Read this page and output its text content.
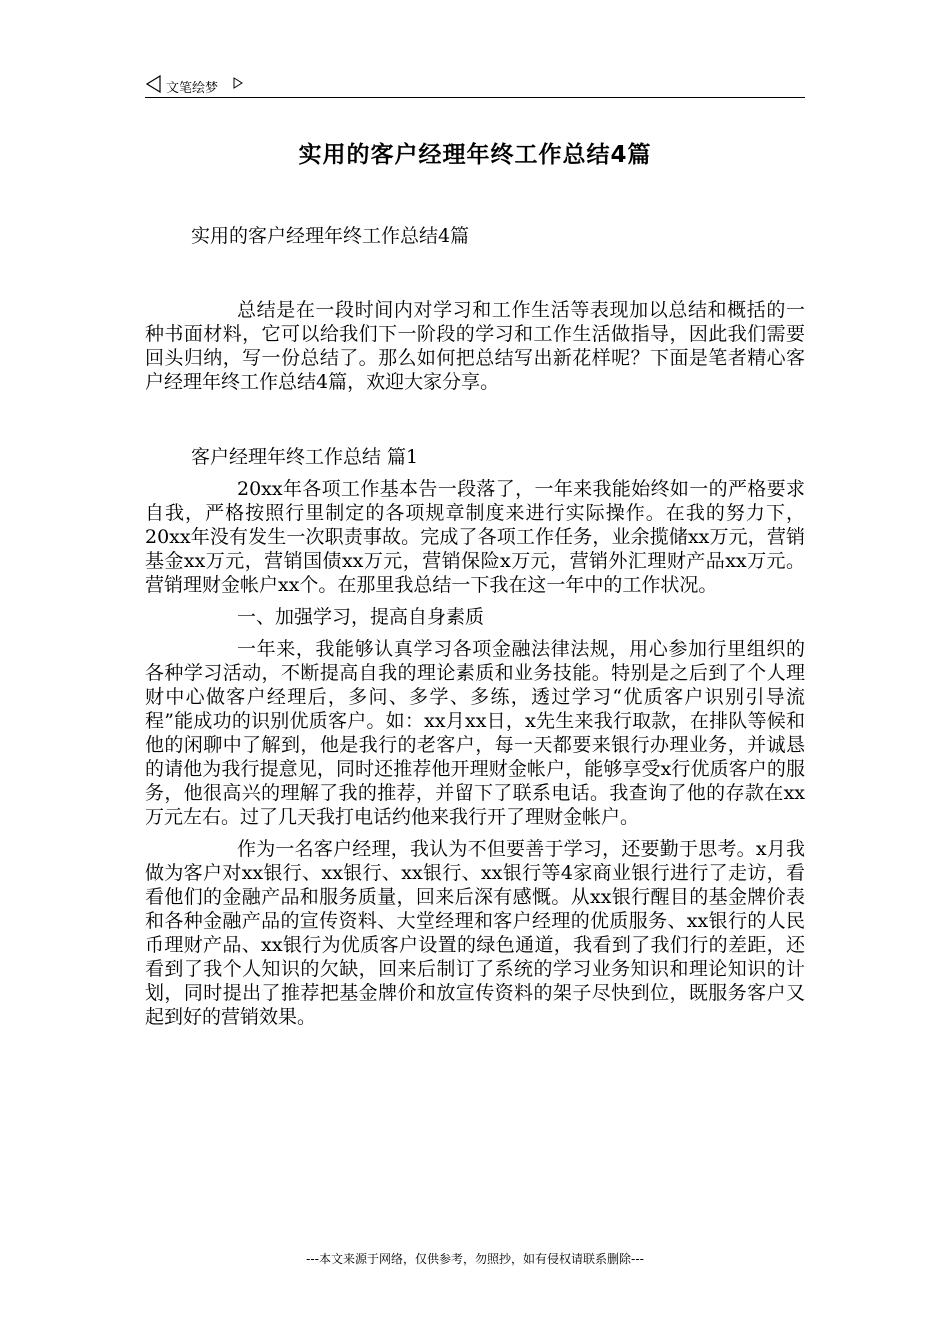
文笔绘梦
实用的客户经理年终工作总结4篇

实用的客户经理年终工作总结4篇

总结是在一段时间内对学习和工作生活等表现加以总结和概括的一种书面材料，它可以给我们下一阶段的学习和工作生活做指导，因此我们需要回头归纳，写一份总结了。那么如何把总结写出新花样呢？下面是笔者精心客户经理年终工作总结4篇，欢迎大家分享。

客户经理年终工作总结 篇1

20xx年各项工作基本告一段落了，一年来我能始终如一的严格要求自我，严格按照行里制定的各项规章制度来进行实际操作。在我的努力下，20xx年没有发生一次职责事故。完成了各项工作任务，业余揽储xx万元，营销基金xx万元，营销国债xx万元，营销保险x万元，营销外汇理财产品xx万元。营销理财金帐户xx个。在那里我总结一下我在这一年中的工作状况。

一、加强学习，提高自身素质

一年来，我能够认真学习各项金融法律法规，用心参加行里组织的各种学习活动，不断提高自我的理论素质和业务技能。特别是之后到了个人理财中心做客户经理后，多问、多学、多练，透过学习“优质客户识别引导流程”能成功的识别优质客户。如：xx月xx日，x先生来我行取款，在排队等候和他的闲聊中了解到，他是我行的老客户，每一天都要来银行办理业务，并诚恳的请他为我行提意见，同时还推荐他开理财金帐户，能够享受x行优质客户的服务，他很高兴的理解了我的推荐，并留下了联系电话。我查询了他的存款在xx万元左右。过了几天我打电话约他来我行开了理财金帐户。

作为一名客户经理，我认为不但要善于学习，还要勤于思考。x月我做为客户对xx银行、xx银行、xx银行、xx银行等4家商业银行进行了走访，看看他们的金融产品和服务质量，回来后深有感慨。从xx银行醒目的基金牌价表和各种金融产品的宣传资料、大堂经理和客户经理的优质服务、xx银行的人民币理财产品、xx银行为优质客户设置的绿色通道，我看到了我们行的差距，还看到了我个人知识的欠缺，回来后制订了系统的学习业务知识和理论知识的计划，同时提出了推荐把基金牌价和放宣传资料的架子尽快到位，既服务客户又起到好的营销效果。

---本文来源于网络，仅供参考，勿照抄，如有侵权请联系删除---
